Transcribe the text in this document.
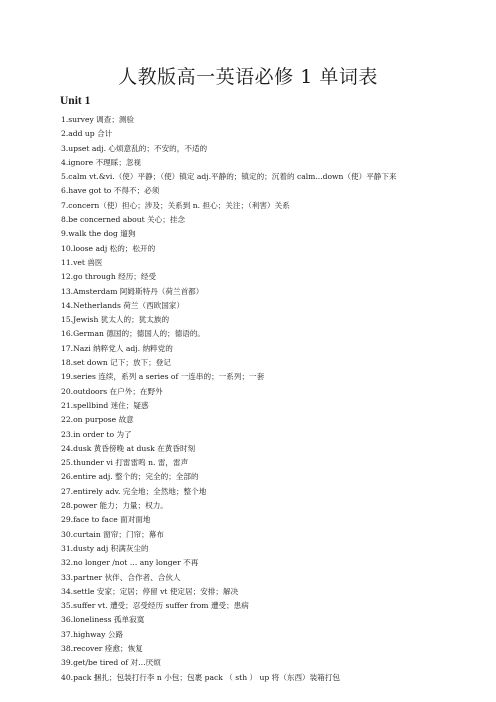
人教版高一英语必修 1 单词表
Unit 1
1.survey 调查；测验
2.add up 合计
3.upset adj. 心烦意乱的；不安的，不适的
4.ignore 不理睬；忽视
5.calm vt.&vi.（使）平静；（使）镇定 adj.平静的；镇定的；沉着的 calm...down（使）平静下来
6.have got to 不得不；必须
7.concern（使）担心；涉及；关系到 n. 担心；关注；（利害）关系
8.be concerned about 关心；挂念
9.walk the dog 遛狗
10.loose adj 松的；松开的
11.vet 兽医
12.go through 经历；经受
13.Amsterdam 阿姆斯特丹（荷兰首都）
14.Netherlands 荷兰（西欧国家）
15.Jewish 犹太人的；犹太族的
16.German 德国的；德国人的；德语的。
17.Nazi 纳粹党人 adj. 纳粹党的
18.set down 记下；放下；登记
19.series 连续，系列 a series of 一连串的；一系列；一套
20.outdoors 在户外；在野外
21.spellbind 迷住；疑惑
22.on purpose 故意
23.in order to 为了
24.dusk 黄昏傍晚 at dusk 在黄昏时刻
25.thunder vi 打雷雷鸣 n. 雷，雷声
26.entire adj. 整个的；完全的；全部的
27.entirely adv. 完全地；全然地；整个地
28.power 能力；力量；权力。
29.face to face 面对面地
30.curtain 窗帘；门帘；幕布
31.dusty adj 积满灰尘的
32.no longer /not … any longer 不再
33.partner 伙伴、合作者、合伙人
34.settle 安家；定居；停留 vt 使定居；安排；解决
35.suffer vt. 遭受；忍受经历 suffer from 遭受；患病
36.loneliness 孤单寂寞
37.highway 公路
38.recover 痊愈；恢复
39.get/be tired of 对…厌烦
40.pack 捆扎；包装打行李 n 小包；包裹 pack （ sth ） up 将（东西）装箱打包
